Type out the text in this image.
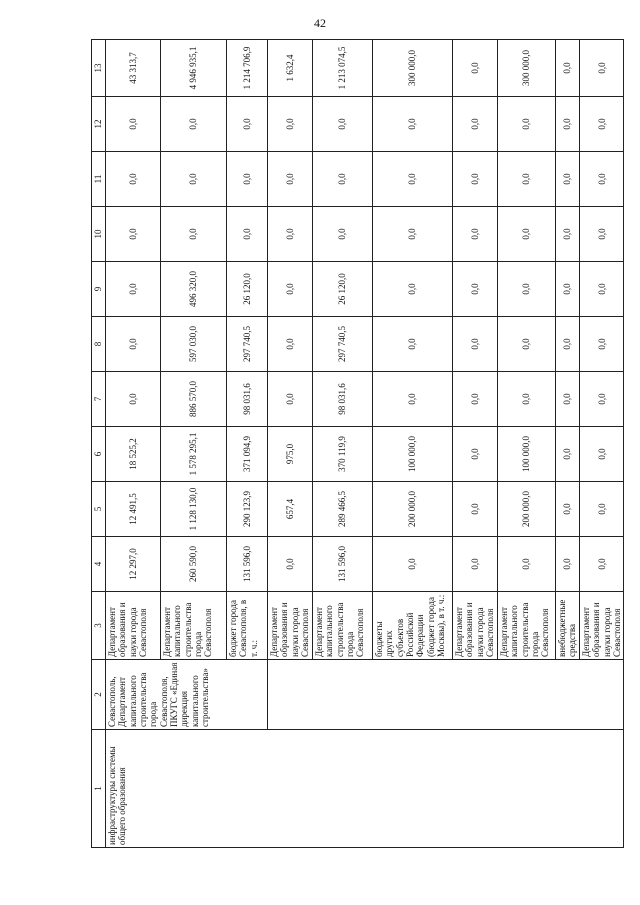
42
1	2	3	4	5	6	7	8	9	10	11	12	13
инфраструктуры системы общего образования	Севастополь, Департамент капитального строительства города Севастополя, ПКУГС «Единая дирекция капитального строительства»	Департамент образования и науки города Севастополя	12 297,0	12 491,5	18 525,2	0,0	0,0	0,0	0,0	0,0	0,0	43 313,7
		Департамент капитального строительства города Севастополя	260 590,0	1 128 130,0	1 578 295,1	886 570,0	597 030,0	496 320,0	0,0	0,0	0,0	4 946 935,1
		бюджет города Севастополя, в т. ч.:	131 596,0	290 123,9	371 094,9	98 031,6	297 740,5	26 120,0	0,0	0,0	0,0	1 214 706,9
		Департамент образования и науки города Севастополя	0,0	657,4	975,0	0,0	0,0	0,0	0,0	0,0	0,0	1 632,4
		Департамент капитального строительства города Севастополя	131 596,0	289 466,5	370 119,9	98 031,6	297 740,5	26 120,0	0,0	0,0	0,0	1 213 074,5
		бюджеты других субъектов Российской Федерации (бюджет города Москвы), в т. ч.:	0,0	200 000,0	100 000,0	0,0	0,0	0,0	0,0	0,0	0,0	300 000,0
		Департамент образования и науки города Севастополя	0,0	0,0	0,0	0,0	0,0	0,0	0,0	0,0	0,0	0,0
		Департамент капитального строительства города Севастополя	0,0	200 000,0	100 000,0	0,0	0,0	0,0	0,0	0,0	0,0	300 000,0
		внебюджетные средства	0,0	0,0	0,0	0,0	0,0	0,0	0,0	0,0	0,0	0,0
		Департамент образования и науки города Севастополя	0,0	0,0	0,0	0,0	0,0	0,0	0,0	0,0	0,0	0,0
